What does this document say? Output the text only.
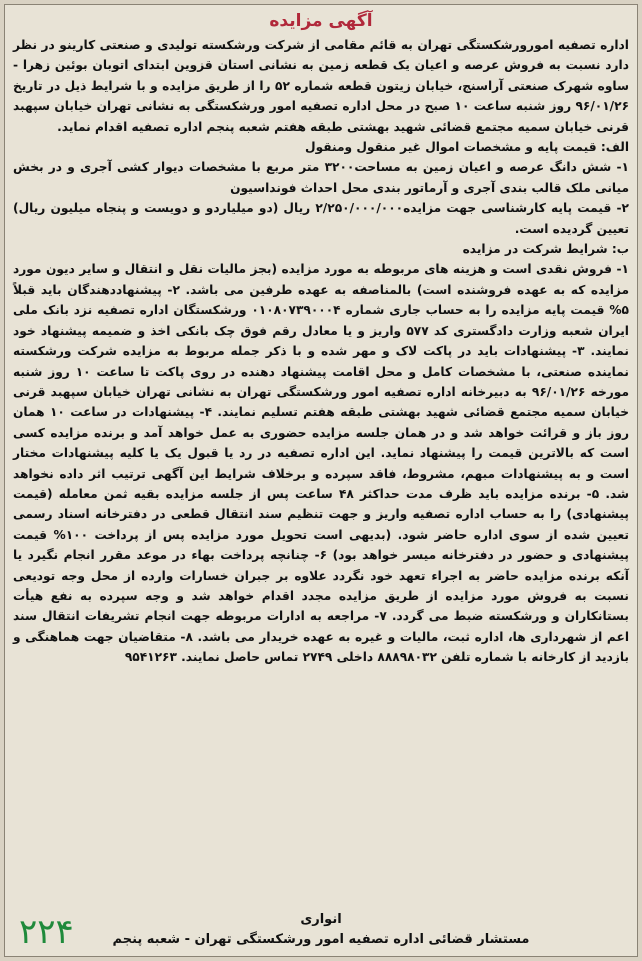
آگهی مزایده

اداره تصفیه امورورشکستگی تهران به قائم مقامی از شرکت ورشکسته تولیدی و صنعتی کارینو در نظر دارد نسبت به فروش عرصه و اعیان یک قطعه زمین به نشانی استان قزوین ابتدای اتوبان بوئین زهرا - ساوه شهرک صنعتی آراسنج، خیابان زیتون قطعه شماره ۵۲ را از طریق مزایده و با شرایط ذیل در تاریخ ۹۶/۰۱/۲۶ روز شنبه ساعت ۱۰ صبح در محل اداره تصفیه امور ورشکستگی به نشانی تهران خیابان سپهبد قرنی خیابان سمیه مجتمع قضائی شهید بهشتی طبقه هفتم شعبه پنجم اداره تصفیه اقدام نماید.

الف: قیمت پایه و مشخصات اموال غیر منقول ومنقول

۱- شش دانگ عرصه و اعیان زمین به مساحت۳۲۰۰ متر مربع با مشخصات دیوار کشی آجری و در بخش میانی ملک قالب بندی آجری و آرماتور بندی محل احداث فونداسیون

۲- قیمت پایه کارشناسی جهت مزایده۲/۲۵۰/۰۰۰/۰۰۰ ریال (دو میلیاردو و دویست و پنجاه میلیون ریال) تعیین گردیده است.

ب: شرایط شرکت در مزایده

۱- فروش نقدی است و هزینه های مربوطه به مورد مزایده (بجز مالیات نقل و انتقال و سایر دیون مورد مزایده که به عهده فروشنده است) بالمناصفه به عهده طرفین می باشد. ۲- پیشنهاددهندگان باید قبلاً ۵% قیمت پایه مزایده را به حساب جاری شماره ۰۱۰۸۰۷۳۹۰۰۰۴ ورشکستگان اداره تصفیه نزد بانک ملی ایران شعبه وزارت دادگستری کد ۵۷۷ واریز و یا معادل رقم فوق چک بانکی اخذ و ضمیمه پیشنهاد خود نمایند. ۳- پیشنهادات باید در پاکت لاک و مهر شده و با ذکر جمله مربوط به مزایده شرکت ورشکسته نماینده صنعتی، با مشخصات کامل و محل اقامت پیشنهاد دهنده در روی پاکت تا ساعت ۱۰ روز شنبه مورخه ۹۶/۰۱/۲۶ به دبیرخانه اداره تصفیه امور ورشکستگی تهران به نشانی تهران خیابان سپهبد قرنی خیابان سمیه مجتمع قضائی شهید بهشتی طبقه هفتم تسلیم نمایند. ۴- پیشنهادات در ساعت ۱۰ همان روز باز و قرائت خواهد شد و در همان جلسه مزایده حضوری به عمل خواهد آمد و برنده مزایده کسی است که بالاترین قیمت را پیشنهاد نماید. این اداره تصفیه در رد یا قبول یک یا کلیه پیشنهادات مختار است و به پیشنهادات مبهم، مشروط، فاقد سپرده و برخلاف شرایط این آگهی ترتیب اثر داده نخواهد شد. ۵- برنده مزایده باید ظرف مدت حداکثر ۴۸ ساعت پس از جلسه مزایده بقیه ثمن معامله (قیمت پیشنهادی) را به حساب اداره تصفیه واریز و جهت تنظیم سند انتقال قطعی در دفترخانه اسناد رسمی تعیین شده از سوی اداره حاضر شود. (بدیهی است تحویل مورد مزایده پس از پرداخت ۱۰۰% قیمت پیشنهادی و حضور در دفترخانه میسر خواهد بود) ۶- چنانچه پرداخت بهاء در موعد مقرر انجام نگیرد یا آنکه برنده مزایده حاضر به اجراء تعهد خود نگردد علاوه بر جبران خسارات وارده از محل وجه تودیعی نسبت به فروش مورد مزایده از طریق مزایده مجدد اقدام خواهد شد و وجه سپرده به نفع هیأت بستانکاران و ورشکسته ضبط می گردد. ۷- مراجعه به ادارات مربوطه جهت انجام تشریفات انتقال سند اعم از شهرداری ها، اداره ثبت، مالیات و غیره به عهده خریدار می باشد. ۸- متقاضیان جهت هماهنگی و بازدید از کارخانه با شماره تلفن ۸۸۸۹۸۰۳۲ داخلی ۲۷۴۹ تماس حاصل نمایند. ۹۵۴۱۲۶۳

انواری
مستشار قضائی اداره تصفیه امور ورشکستگی تهران - شعبه پنجم
۲۲۴
